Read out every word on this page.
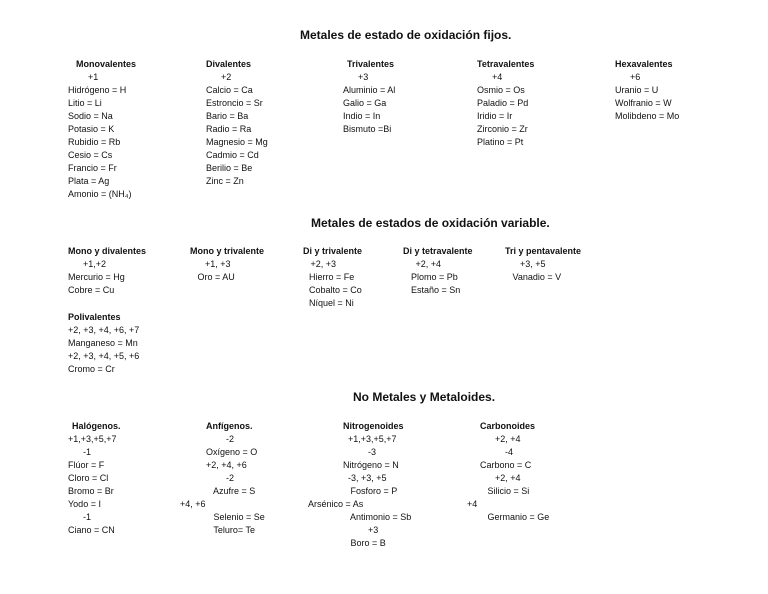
Metales de estado de oxidación fijos.
Monovalentes
+1
Hidrógeno = H
Litio = Li
Sodio = Na
Potasio = K
Rubidio = Rb
Cesio = Cs
Francio = Fr
Plata = Ag
Amonio = (NH₄)
Divalentes
+2
Calcio = Ca
Estroncio = Sr
Bario = Ba
Radio = Ra
Magnesio = Mg
Cadmio = Cd
Berilio = Be
Zinc = Zn
Trivalentes
+3
Aluminio = Al
Galio = Ga
Indio = In
Bismuto =Bi
Tetravalentes
+4
Osmio = Os
Paladio = Pd
Iridio = Ir
Zirconio = Zr
Platino = Pt
Hexavalentes
+6
Uranio = U
Wolfranio = W
Molibdeno = Mo
Metales de estados de oxidación variable.
Mono y divalentes
+1,+2
Mercurio = Hg
Cobre = Cu
Mono y trivalente
+1, +3
Oro = AU
Di y trivalente
+2, +3
Hierro = Fe
Cobalto = Co
Níquel = Ni
Di y tetravalente
+2, +4
Plomo = Pb
Estaño = Sn
Tri y pentavalente
+3, +5
Vanadio = V
Polivalentes
+2, +3, +4, +6, +7
Manganeso = Mn
+2, +3, +4, +5, +6
Cromo = Cr
No Metales y Metaloides.
Halógenos.
+1,+3,+5,+7
-1
Flúor = F
Cloro = Cl
Bromo = Br
Yodo = I
-1
Ciano = CN
Anfígenos.
-2
Oxígeno = O
+2, +4, +6
-2
Azufre = S

Selenio = Se
Teluro= Te
Nitrogenoides
+1,+3,+5,+7
-3
Nitrógeno = N
-3, +3, +5
Fosforo = P

Antimonio = Sb
+3
Boro = B
Carbonoides
+2, +4
-4
Carbono = C
+2, +4
Silicio = Si

Germanio = Ge
+4, +6	Arsénico = As	+4
